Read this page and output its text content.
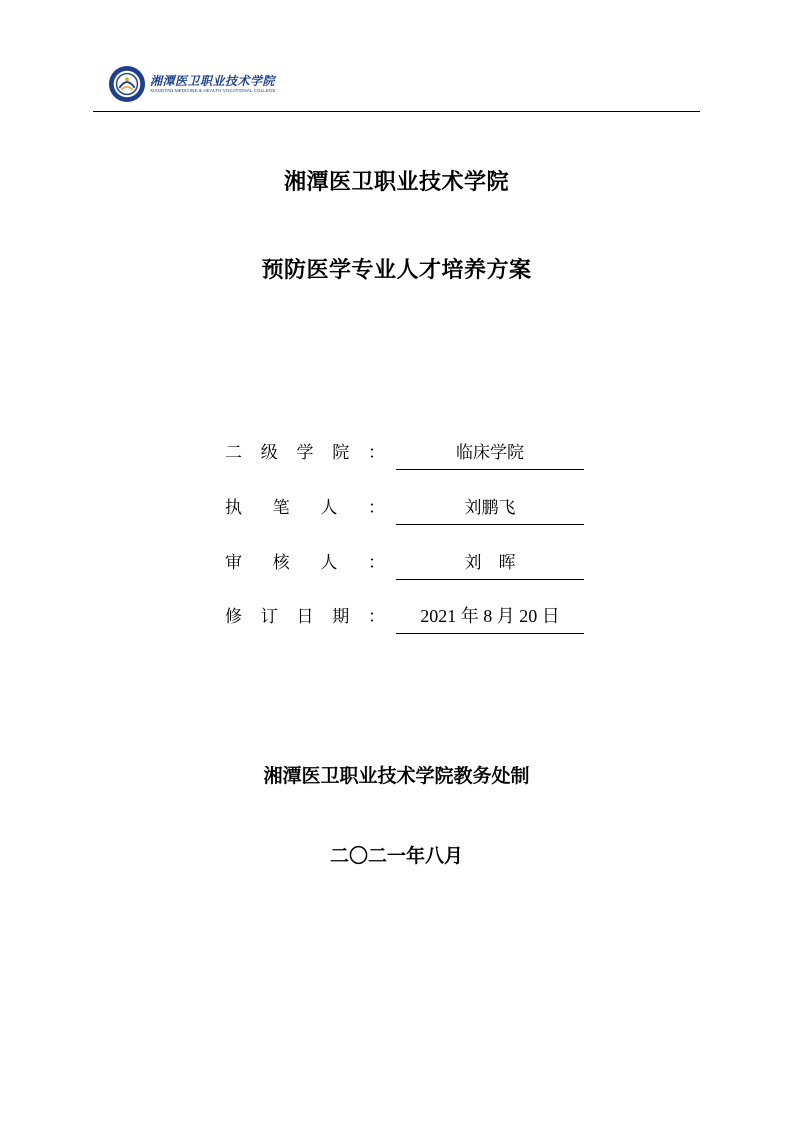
湘潭医卫职业技术学院
XIANGTAN MEDICINE & HEALTH VOCATIONAL COLLEGE
湘潭医卫职业技术学院
预防医学专业人才培养方案
二 级 学 院 ：	临床学院
执 笔 人 ：	刘鹏飞
审 核 人 ：	刘　晖
修 订 日 期 ：	2021 年 8 月 20 日
湘潭医卫职业技术学院教务处制
二〇二一年八月
